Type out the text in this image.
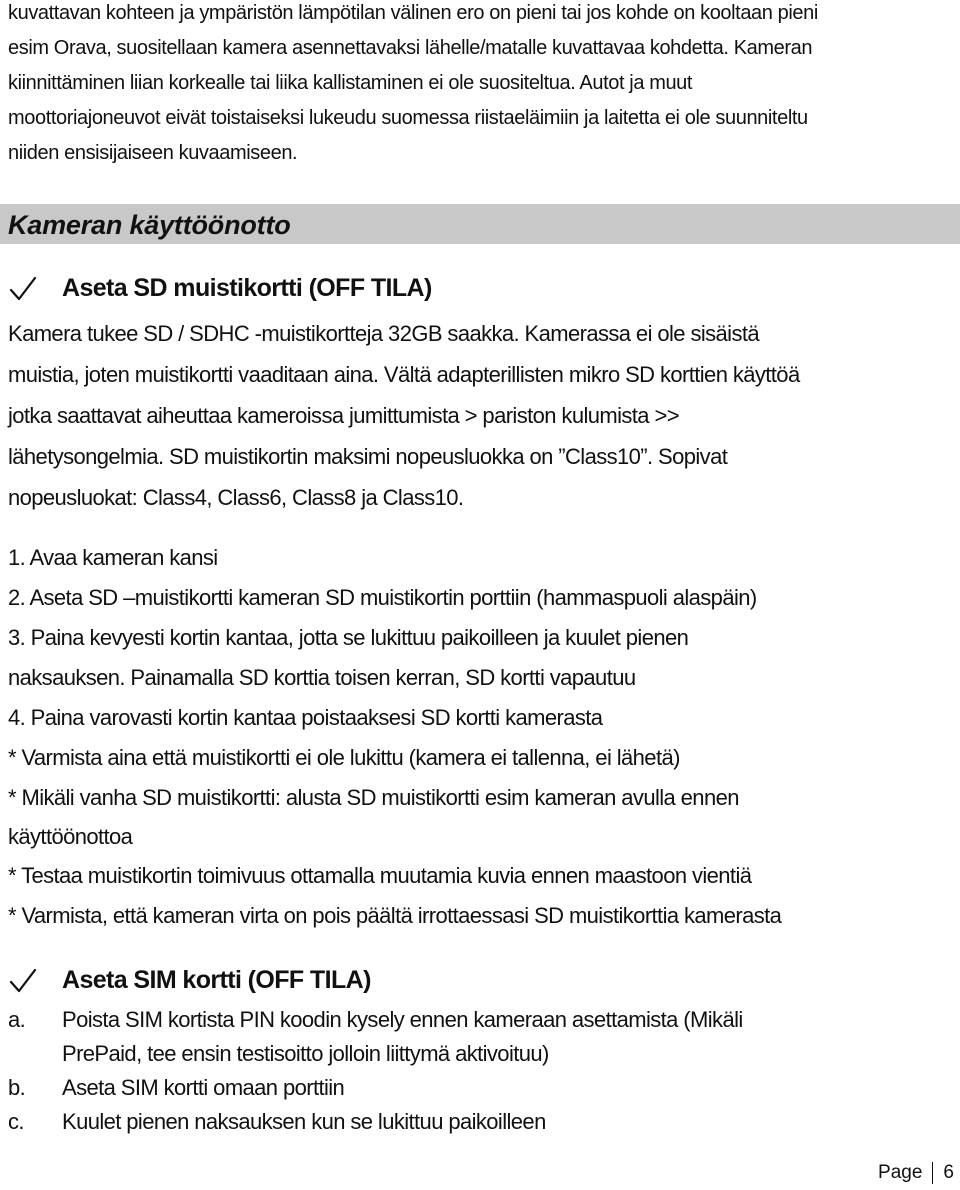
kuvattavan kohteen ja ympäristön lämpötilan välinen ero on pieni tai jos kohde on kooltaan pieni
esim Orava, suositellaan kamera asennettavaksi lähelle/matalle kuvattavaa kohdetta. Kameran
kiinnittäminen liian korkealle tai liika kallistaminen ei ole suositeltua. Autot ja muut
moottoriajoneuvot eivät toistaiseksi lukeudu suomessa riistaeläimiin ja laitetta ei ole suunniteltu
niiden ensisijaiseen kuvaamiseen.
Kameran käyttöönotto
Aseta SD muistikortti (OFF TILA)
Kamera tukee SD / SDHC -muistikortteja 32GB saakka. Kamerassa ei ole sisäistä
muistia, joten muistikortti vaaditaan aina. Vältä adapterillisten mikro SD korttien käyttöä
jotka saattavat aiheuttaa kameroissa jumittumista > pariston kulumista >>
lähetysongelmia. SD muistikortin maksimi nopeusluokka on ”Class10”. Sopivat
nopeusluokat: Class4, Class6, Class8 ja Class10.
1. Avaa kameran kansi
2. Aseta SD –muistikortti kameran SD muistikortin porttiin (hammaspuoli alaspäin)
3. Paina kevyesti kortin kantaa, jotta se lukittuu paikoilleen ja kuulet pienen
naksauksen. Painamalla SD korttia toisen kerran, SD kortti vapautuu
4. Paina varovasti kortin kantaa poistaaksesi SD kortti kamerasta
* Varmista aina että muistikortti ei ole lukittu (kamera ei tallenna, ei lähetä)
* Mikäli vanha SD muistikortti: alusta SD muistikortti esim kameran avulla ennen
käyttöönottoa
* Testaa muistikortin toimivuus ottamalla muutamia kuvia ennen maastoon vientiä
* Varmista, että kameran virta on pois päältä irrottaessasi SD muistikorttia kamerasta
Aseta SIM kortti (OFF TILA)
a. Poista SIM kortista PIN koodin kysely ennen kameraan asettamista (Mikäli
PrePaid, tee ensin testisoitto jolloin liittymä aktivoituu)
b. Aseta SIM kortti omaan porttiin
c. Kuulet pienen naksauksen kun se lukittuu paikoilleen
Page 6
